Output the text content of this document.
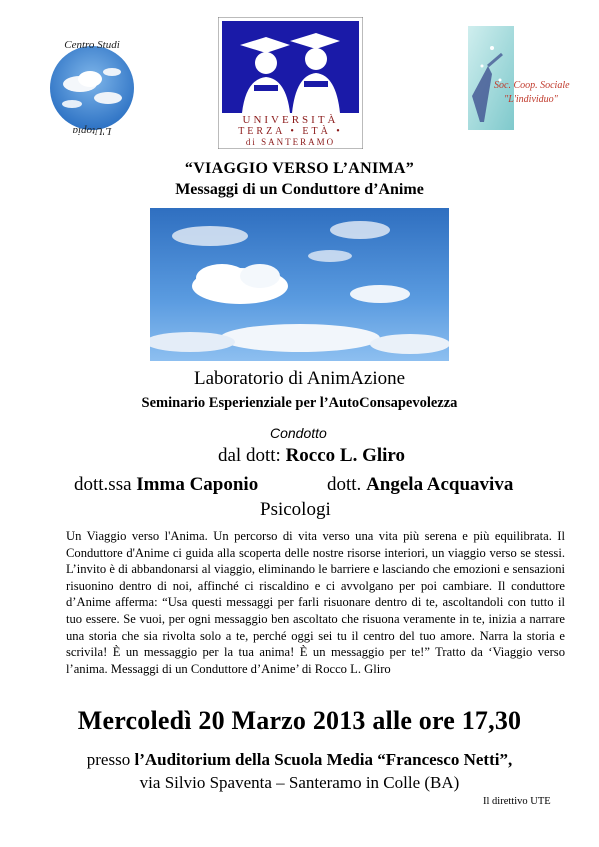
Centro Studi
L'Utopia
UNIVERSITÀ
TERZA • ETÀ •
di SANTERAMO
Soc. Coop. Sociale
"L'individuo"
“VIAGGIO VERSO L’ANIMA”
Messaggi di un Conduttore d’Anime
Laboratorio di AnimAzione
Seminario Esperienziale per l’AutoConsapevolezza
Condotto
dal dott: Rocco L. Gliro
dott.ssa Imma Caponio	dott. Angela Acquaviva
Psicologi
Un Viaggio verso l'Anima. Un percorso di vita verso una vita più serena e più equilibrata. Il Conduttore d'Anime ci guida alla scoperta delle nostre risorse interiori, un viaggio verso se stessi. L’invito è di abbandonarsi al viaggio, eliminando le barriere e lasciando che emozioni e sensazioni risuonino dentro di noi, affinché ci riscaldino e ci avvolgano per poi cambiare. Il conduttore d’Anime afferma: “Usa questi messaggi per farli risuonare dentro di te, ascoltandoli con tutto il tuo essere. Se vuoi, per ogni messaggio ben ascoltato che risuona veramente in te, inizia a narrare una storia che sia rivolta solo a te, perché oggi sei tu il centro del tuo amore. Narra la storia e scrivila! È un messaggio per la tua anima! È un messaggio per te!” Tratto da ‘Viaggio verso l’anima. Messaggi di un Conduttore d’Anime’ di Rocco L. Gliro
Mercoledì 20 Marzo 2013 alle ore 17,30
presso l’Auditorium della Scuola Media “Francesco Netti”,
via Silvio Spaventa – Santeramo in Colle (BA)
Il direttivo UTE
